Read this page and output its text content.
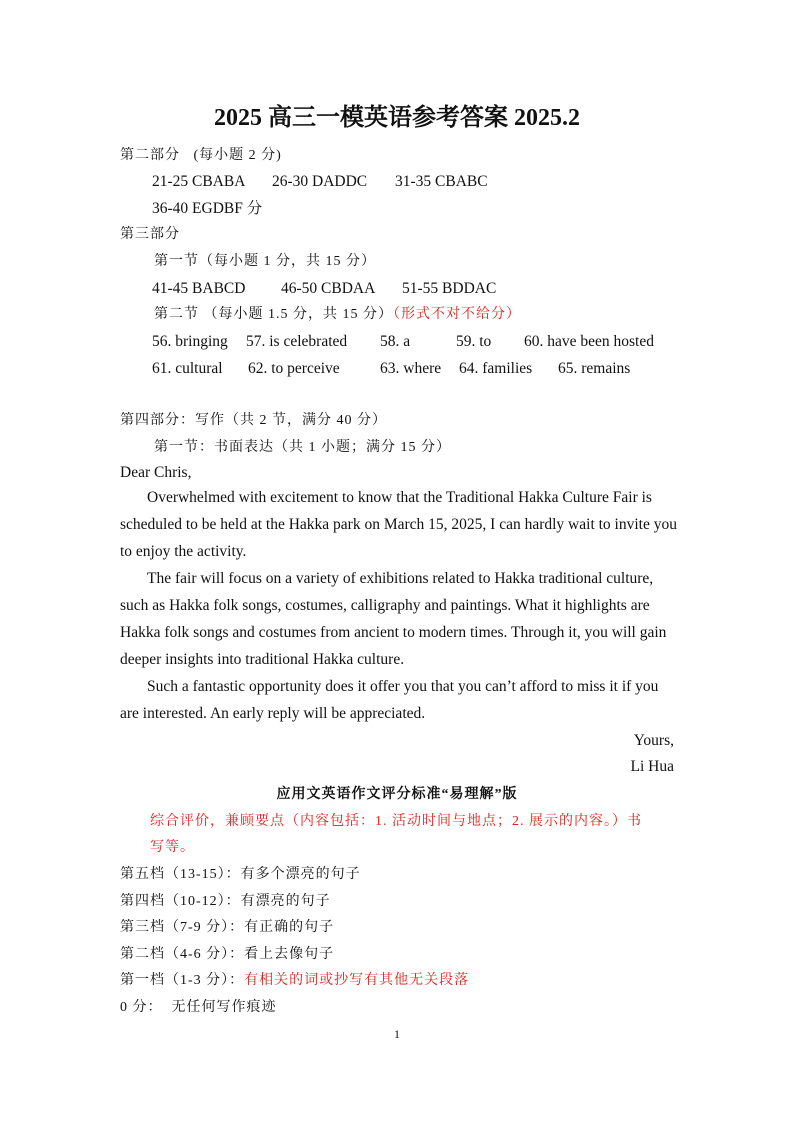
2025 高三一模英语参考答案 2025.2
第二部分 (每小题 2 分)
21-25 CBABA 26-30 DADDC 31-35 CBABC
36-40 EGDBF 分
第三部分
第一节（每小题 1 分，共 15 分）
41-45 BABCD 46-50 CBDAA 51-55 BDDAC
第二节 （每小题 1.5 分，共 15 分）（形式不对不给分）
56. bringing 57. is celebrated 58. a	59. to 60. have been hosted
61. cultural 62. to perceive	63. where 64. families 65. remains
第四部分：写作（共 2 节，满分 40 分）
第一节：书面表达（共 1 小题；满分 15 分）
Dear Chris,
Overwhelmed with excitement to know that the Traditional Hakka Culture Fair is scheduled to be held at the Hakka park on March 15, 2025, I can hardly wait to invite you to enjoy the activity.
The fair will focus on a variety of exhibitions related to Hakka traditional culture, such as Hakka folk songs, costumes, calligraphy and paintings. What it highlights are Hakka folk songs and costumes from ancient to modern times. Through it, you will gain deeper insights into traditional Hakka culture.
Such a fantastic opportunity does it offer you that you can’t afford to miss it if you are interested. An early reply will be appreciated.
Yours,
Li Hua
应用文英语作文评分标准“易理解”版
综合评价，兼顾要点（内容包括：1. 活动时间与地点；2. 展示的内容。）书
写等。
第五档（13-15）：有多个漂亮的句子
第四档（10-12）：有漂亮的句子
第三档（7-9 分）：有正确的句子
第二档（4-6 分）：看上去像句子
第一档（1-3 分）：有相关的词或抄写有其他无关段落
0 分： 无任何写作痕迹
1
